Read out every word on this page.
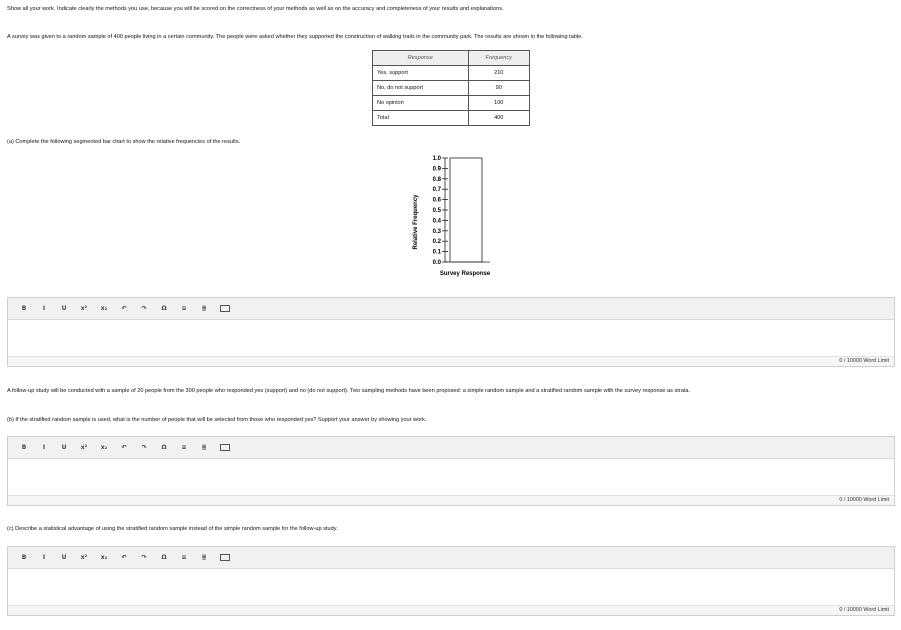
Show all your work. Indicate clearly the methods you use, because you will be scored on the correctness of your methods as well as on the accuracy and completeness of your results and explanations.
A survey was given to a random sample of 400 people living in a certain community. The people were asked whether they supported the construction of walking trails in the community park. The results are shown in the following table.
Response	Frequency
Yes, support	210
No, do not support	90
No opinion	100
Total	400
(a) Complete the following segmented bar chart to show the relative frequencies of the results.
Relative Frequency
Survey Response
0.0
0.1
0.2
0.3
0.4
0.5
0.6
0.7
0.8
0.9
1.0
B	I	U	x²	x₂	↶	↷	Ω	≡	≣
0 / 10000 Word Limit
A follow-up study will be conducted with a sample of 20 people from the 300 people who responded yes (support) and no (do not support). Two sampling methods have been proposed: a simple random sample and a stratified random sample with the survey response as strata.
(b) If the stratified random sample is used, what is the number of people that will be selected from those who responded yes? Support your answer by showing your work.
B	I	U	x²	x₂	↶	↷	Ω	≡	≣
0 / 10000 Word Limit
(c) Describe a statistical advantage of using the stratified random sample instead of the simple random sample for the follow-up study.
B	I	U	x²	x₂	↶	↷	Ω	≡	≣
0 / 10000 Word Limit
